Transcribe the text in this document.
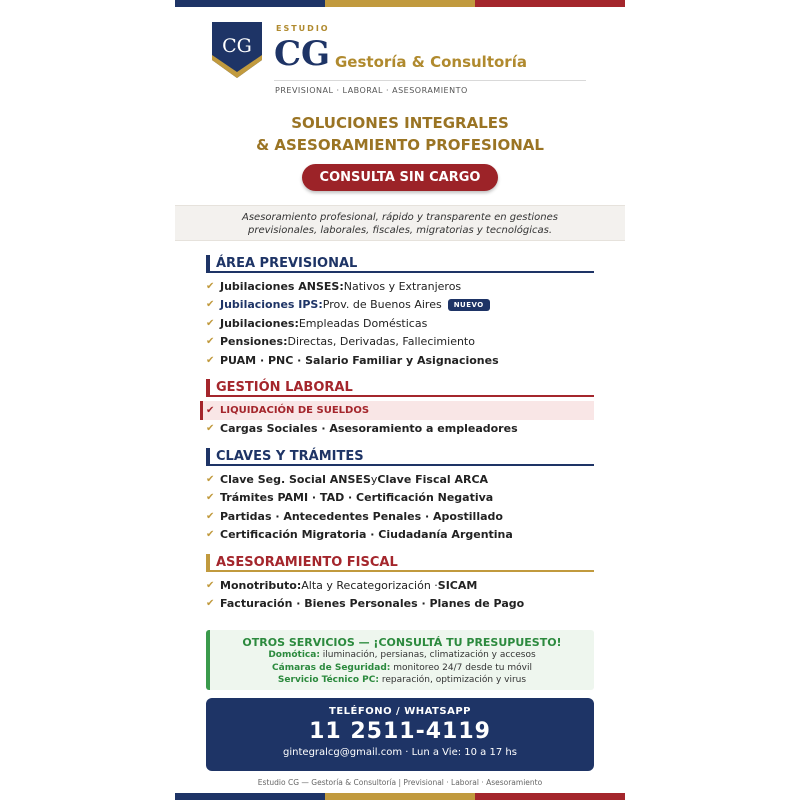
CG
ESTUDIO
CG Gestoría & Consultoría
PREVISIONAL · LABORAL · ASESORAMIENTO
SOLUCIONES INTEGRALES
& ASESORAMIENTO PROFESIONAL
CONSULTA SIN CARGO

Asesoramiento profesional, rápido y transparente en gestiones
previsionales, laborales, fiscales, migratorias y tecnológicas.

ÁREA PREVISIONAL
✔ Jubilaciones ANSES: Nativos y Extranjeros
✔ Jubilaciones IPS: Prov. de Buenos Aires	NUEVO
✔ Jubilaciones: Empleadas Domésticas
✔ Pensiones: Directas, Derivadas, Fallecimiento
✔ PUAM · PNC · Salario Familiar y Asignaciones
GESTIÓN LABORAL
✔ LIQUIDACIÓN DE SUELDOS
✔ Cargas Sociales · Asesoramiento a empleadores
CLAVES Y TRÁMITES
✔ Clave Seg. Social ANSES y Clave Fiscal ARCA
✔ Trámites PAMI · TAD · Certificación Negativa
✔ Partidas · Antecedentes Penales · Apostillado
✔ Certificación Migratoria · Ciudadanía Argentina
ASESORAMIENTO FISCAL
✔ Monotributo: Alta y Recategorización · SICAM
✔ Facturación · Bienes Personales · Planes de Pago
OTROS SERVICIOS — ¡CONSULTÁ TU PRESUPUESTO!
Domótica: iluminación, persianas, climatización y accesos
Cámaras de Seguridad: monitoreo 24/7 desde tu móvil
Servicio Técnico PC: reparación, optimización y virus
TELÉFONO / WHATSAPP
11 2511-4119
gintegralcg@gmail.com · Lun a Vie: 10 a 17 hs
Estudio CG — Gestoría & Consultoría | Previsional · Laboral · Asesoramiento
